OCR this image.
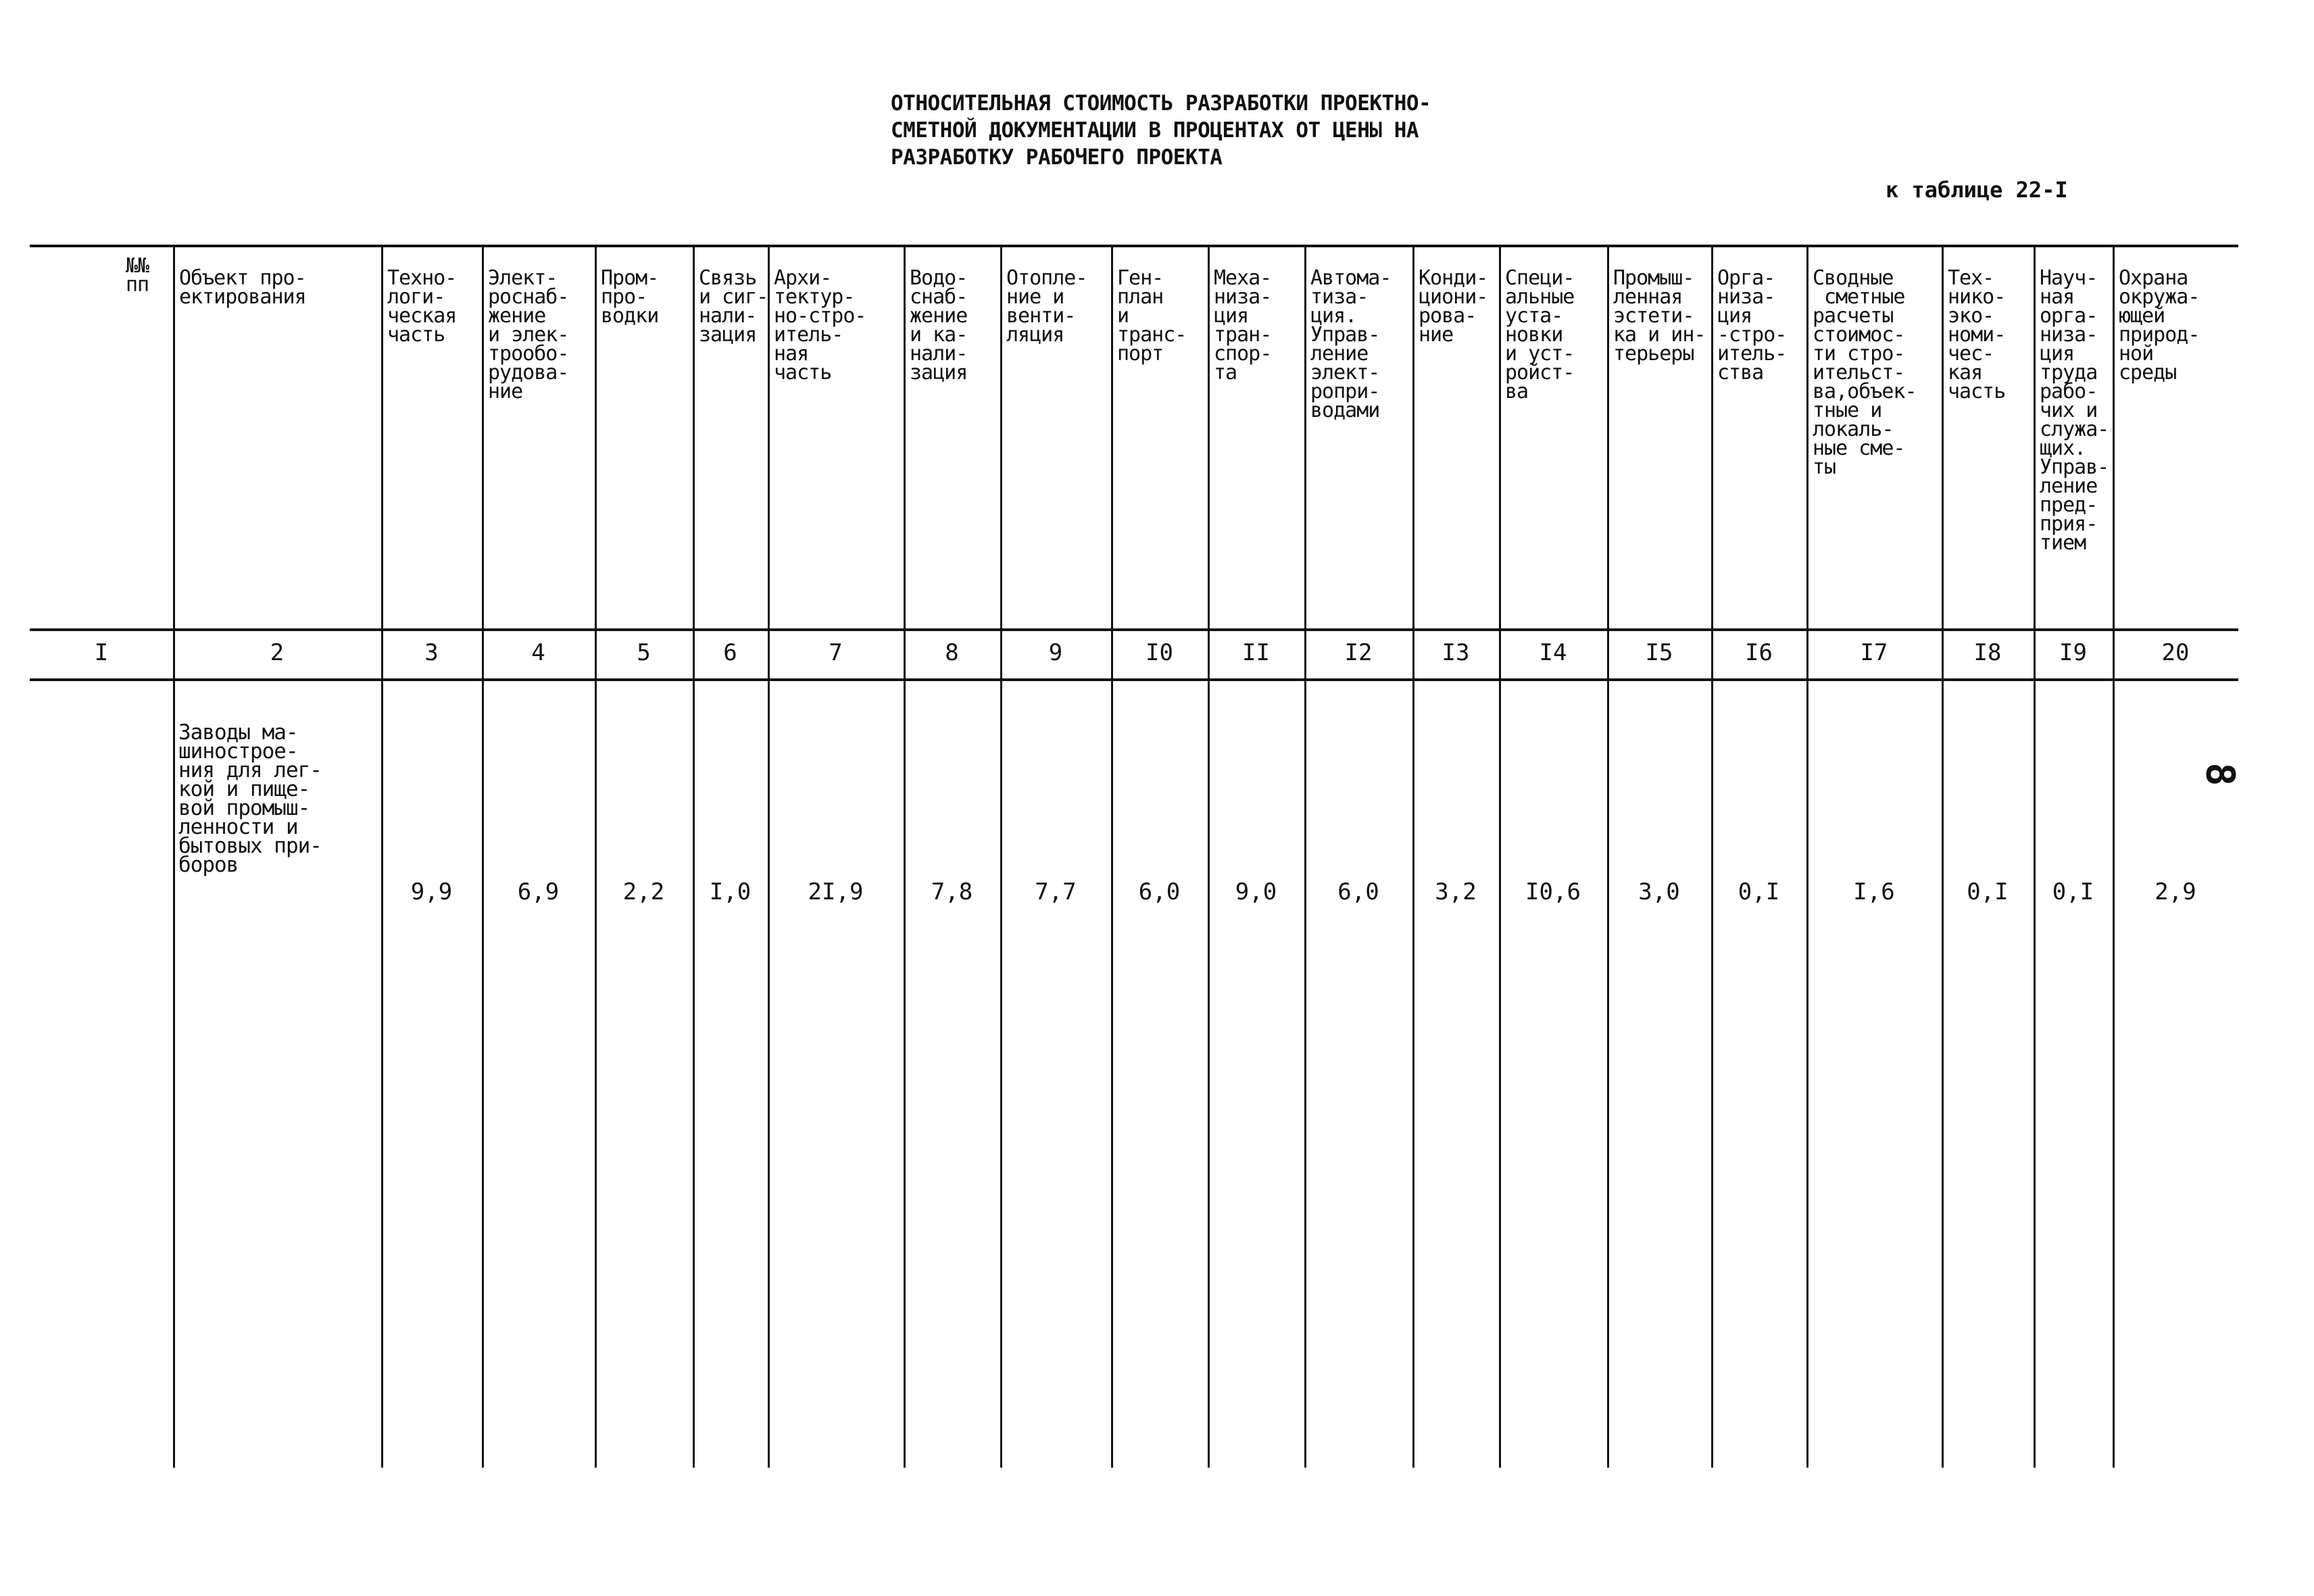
ОТНОСИТЕЛЬНАЯ СТОИМОСТЬ РАЗРАБОТКИ ПРОЕКТНО-
СМЕТНОЙ ДОКУМЕНТАЦИИ В ПРОЦЕНТАХ ОТ ЦЕНЫ НА
РАЗРАБОТКУ РАБОЧЕГО ПРОЕКТА
к таблице 22-I
8
№№
пп
I
Объект про-
ектирования
2
Техно-
логи-
ческая
часть
3
9,9
Элект-
роснаб-
жение
и элек-
трообо-
рудова-
ние
4
6,9
Пром-
про-
водки
5
2,2
Связь
и сиг-
нали-
зация
6
I,0
Архи-
тектур-
но-стро-
итель-
ная
часть
7
2I,9
Водо-
снаб-
жение
и ка-
нали-
зация
8
7,8
Отопле-
ние и
венти-
ляция
9
7,7
Ген-
план
и
транс-
порт
I0
6,0
Меха-
низа-
ция
тран-
спор-
та
II
9,0
Автома-
тиза-
ция.
Управ-
ление
элект-
ропри-
водами
I2
6,0
Конди-
циони-
рова-
ние
I3
3,2
Специ-
альные
уста-
новки
и уст-
ройст-
ва
I4
I0,6
Промыш-
ленная
эстети-
ка и ин-
терьеры
I5
3,0
Орга-
низа-
ция
-стро-
итель-
ства
I6
0,I
Сводные
сметные
расчеты
стоимос-
ти стро-
ительст-
ва,объек-
тные и
локаль-
ные сме-
ты
I7
I,6
Тех-
нико-
эко-
номи-
чес-
кая
часть
I8
0,I
Науч-
ная
орга-
низа-
ция
труда
рабо-
чих и
служа-
щих.
Управ-
ление
пред-
прия-
тием
I9
0,I
Охрана
окружа-
ющей
природ-
ной
среды
20
2,9
Заводы ма-
шинострое-
ния для лег-
кой и пище-
вой промыш-
ленности и
бытовых при-
боров
